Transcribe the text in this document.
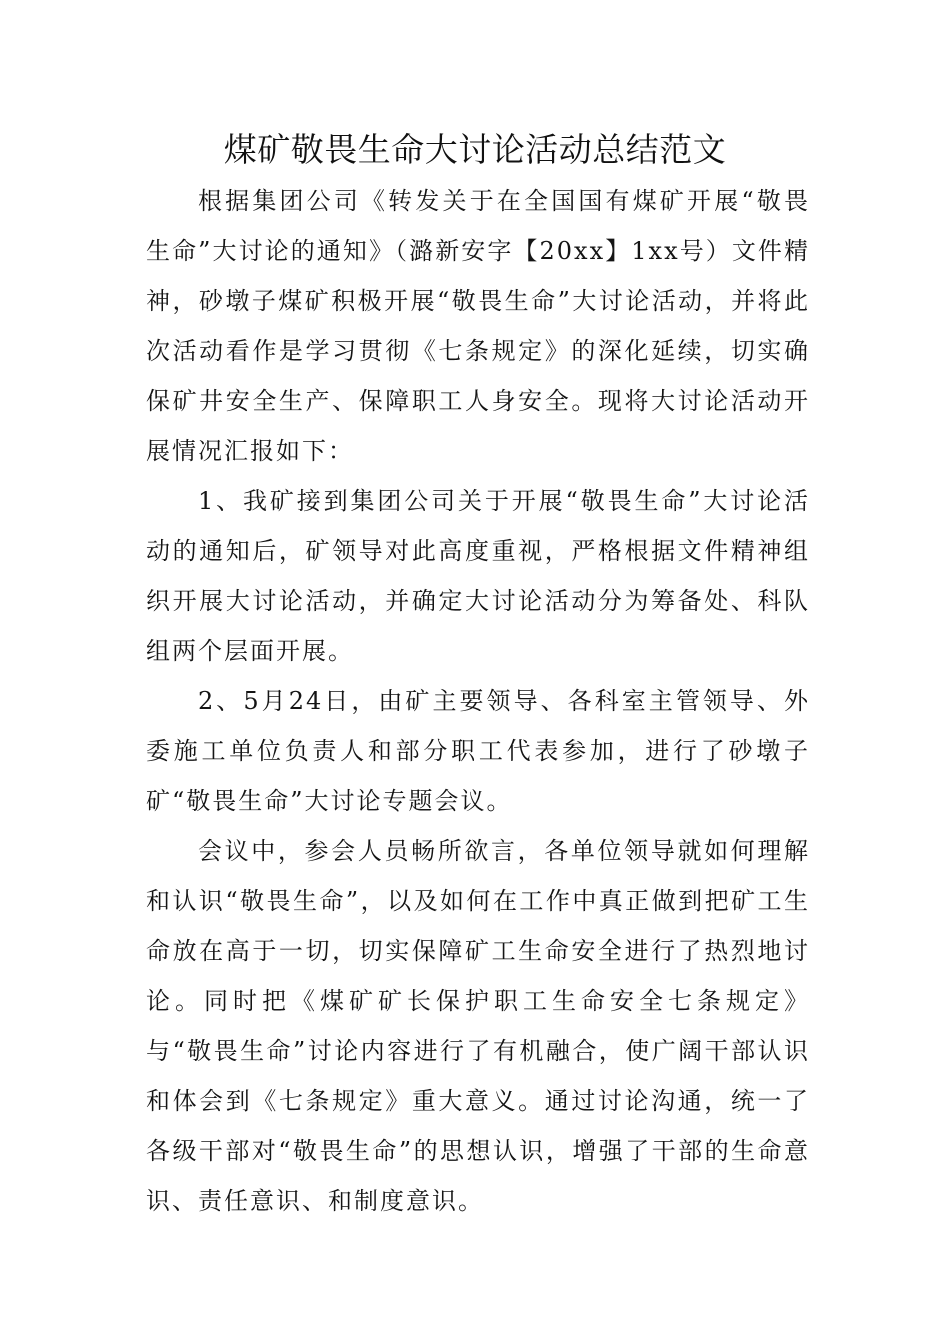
煤矿敬畏生命大讨论活动总结范文

根据集团公司《转发关于在全国国有煤矿开展“敬畏生命”大讨论的通知》（潞新安字【20xx】1xx号）文件精神，砂墩子煤矿积极开展“敬畏生命”大讨论活动，并将此次活动看作是学习贯彻《七条规定》的深化延续，切实确保矿井安全生产、保障职工人身安全。现将大讨论活动开展情况汇报如下：

1、我矿接到集团公司关于开展“敬畏生命”大讨论活动的通知后，矿领导对此高度重视，严格根据文件精神组织开展大讨论活动，并确定大讨论活动分为筹备处、科队组两个层面开展。

2、5月24日，由矿主要领导、各科室主管领导、外委施工单位负责人和部分职工代表参加，进行了砂墩子矿“敬畏生命”大讨论专题会议。

会议中，参会人员畅所欲言，各单位领导就如何理解和认识“敬畏生命”，以及如何在工作中真正做到把矿工生命放在高于一切，切实保障矿工生命安全进行了热烈地讨论。同时把《煤矿矿长保护职工生命安全七条规定》与“敬畏生命”讨论内容进行了有机融合，使广阔干部认识和体会到《七条规定》重大意义。通过讨论沟通，统一了各级干部对“敬畏生命”的思想认识，增强了干部的生命意识、责任意识、和制度意识。
